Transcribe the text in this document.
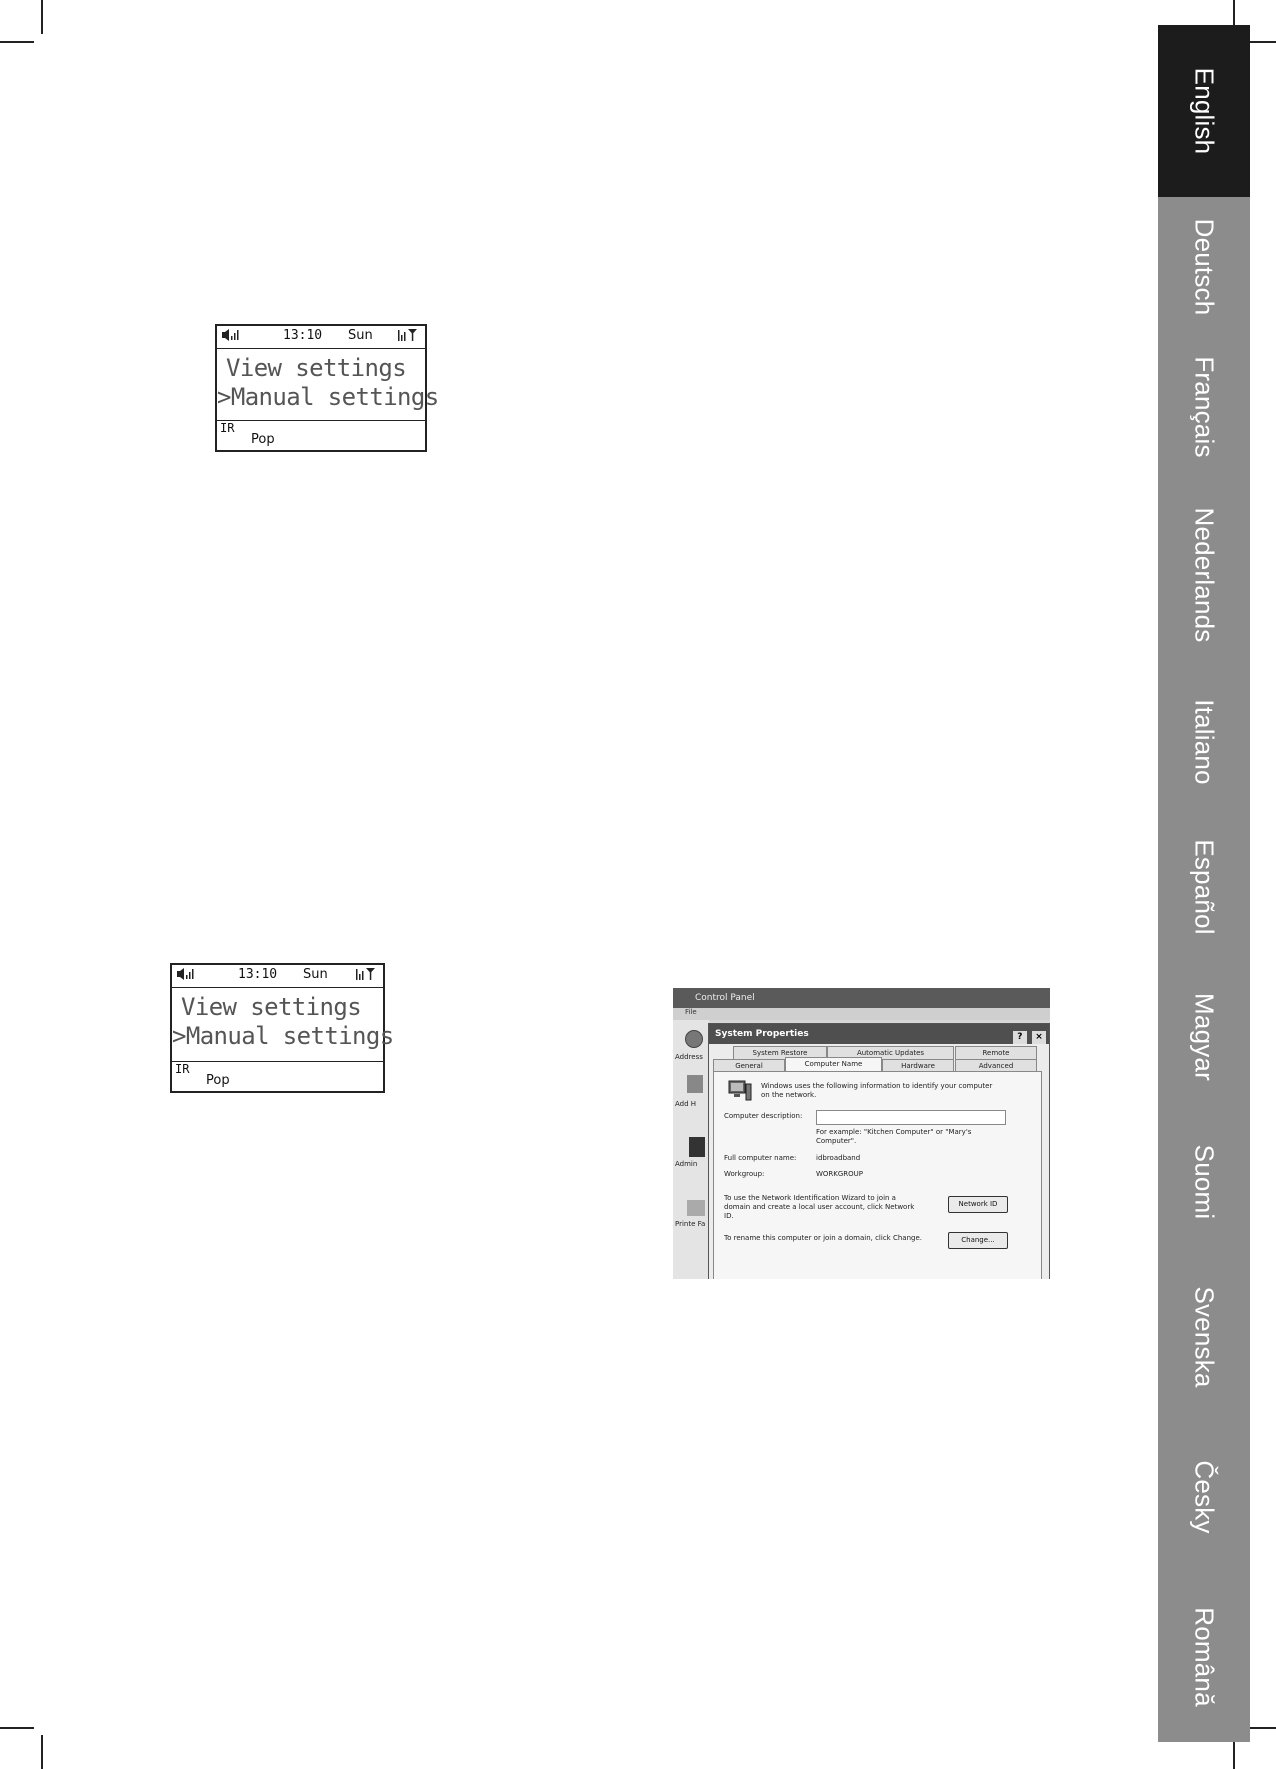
English
Deutsch
Français
Nederlands
Italiano
Español
Magyar
Suomi
Svenska
Česky
Română
13:10 Sun
View settings
>Manual settings
IR
Pop
13:10 Sun
View settings
>Manual settings
IR
Pop
Control Panel
File
Address
Add H
Admin
Printe Fa
System Properties	? ×
System Restore	Automatic Updates	Remote
General	Computer Name	Hardware	Advanced
Windows uses the following information to identify your computer on the network.
Computer description:
For example: "Kitchen Computer" or "Mary's Computer".
Full computer name:	idbroadband
Workgroup:	WORKGROUP
To use the Network Identification Wizard to join a domain and create a local user account, click Network ID.
Network ID
To rename this computer or join a domain, click Change.	Change...
